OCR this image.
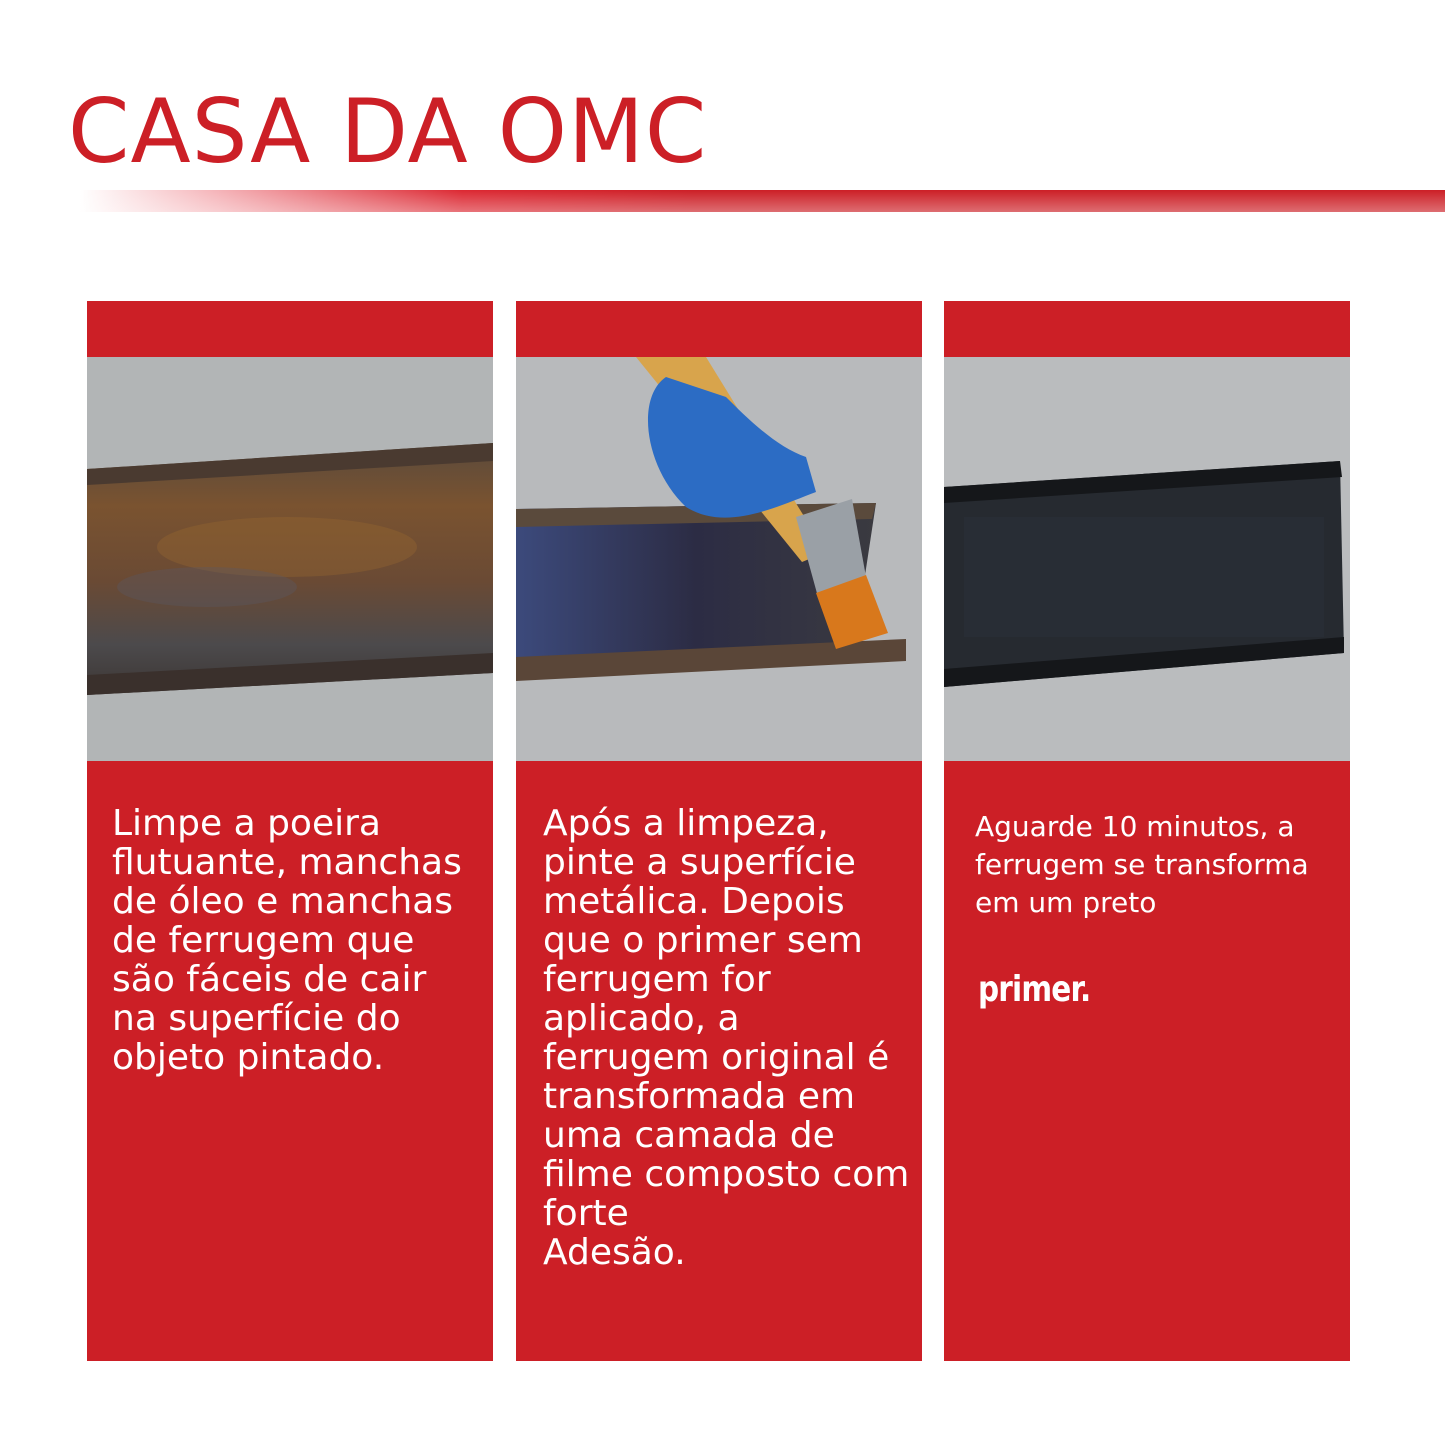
CASA DA OMC
Limpe a poeira flutuante, manchas de óleo e manchas de ferrugem que são fáceis de cair na superfície do objeto pintado.
Após a limpeza, pinte a superfície metálica. Depois que o primer sem ferrugem for aplicado, a ferrugem original é transformada em uma camada de filme composto com forte
Adesão.
Aguarde 10 minutos, a ferrugem se transforma em um preto
primer.
